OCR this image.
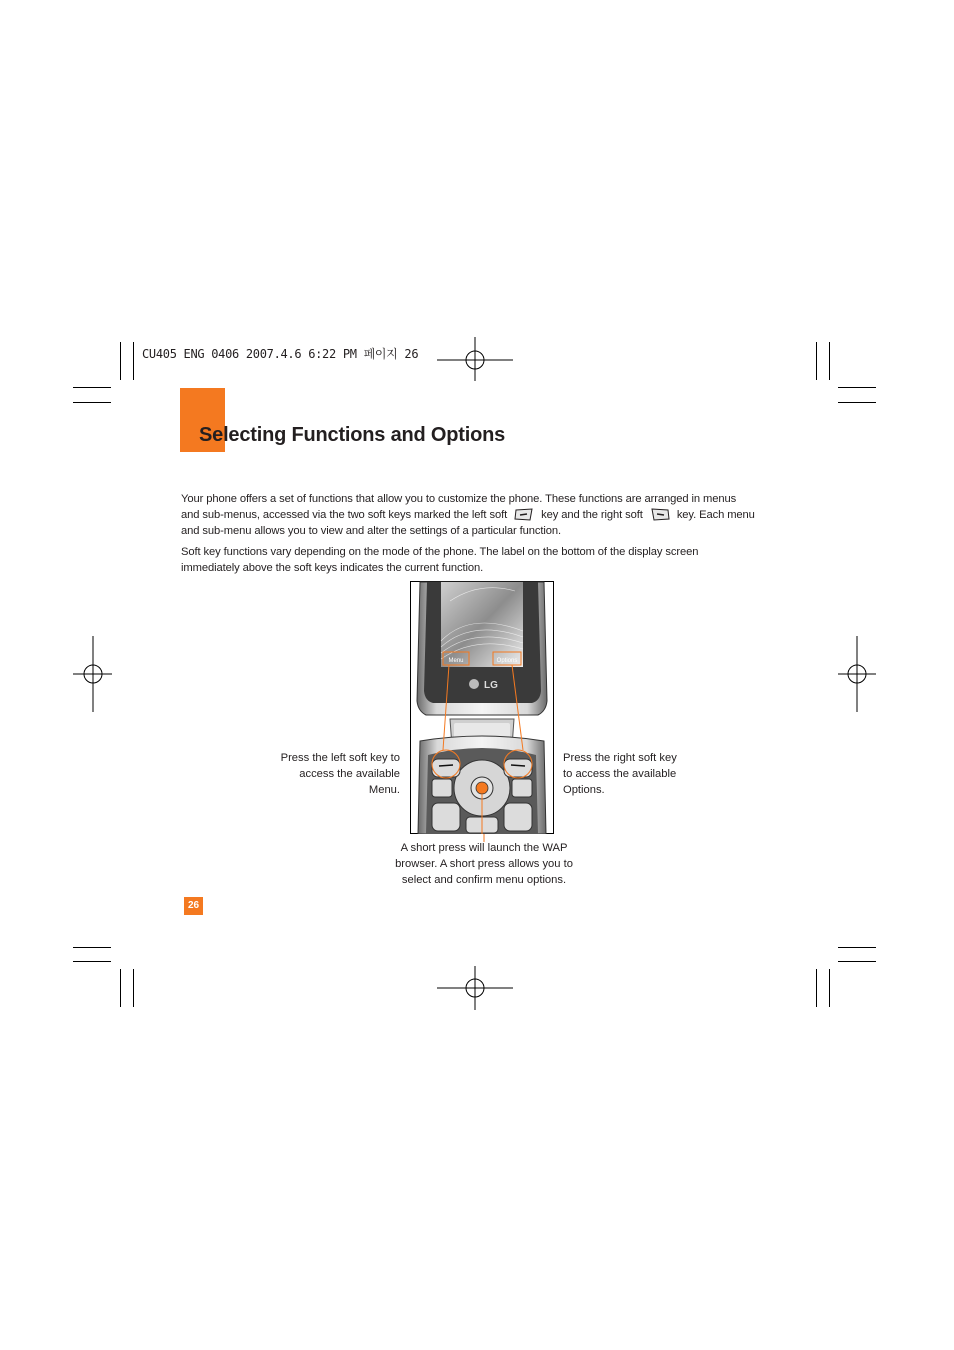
CU405 ENG 0406 2007.4.6 6:22 PM 페이지 26
Selecting Functions and Options

Your phone offers a set of functions that allow you to customize the phone. These functions are arranged in menus

and sub-menus, accessed via the two soft keys marked the left soft	key and the right soft	key. Each menu

and sub-menu allows you to view and alter the settings of a particular function.

Soft key functions vary depending on the mode of the phone. The label on the bottom of the display screen

immediately above the soft keys indicates the current function.

Menu	Options
LG
Press the left soft key to
access the available
Menu.
Press the right soft key
to access the available
Options.
A short press will launch the WAP
browser. A short press allows you to
select and confirm menu options.
26
